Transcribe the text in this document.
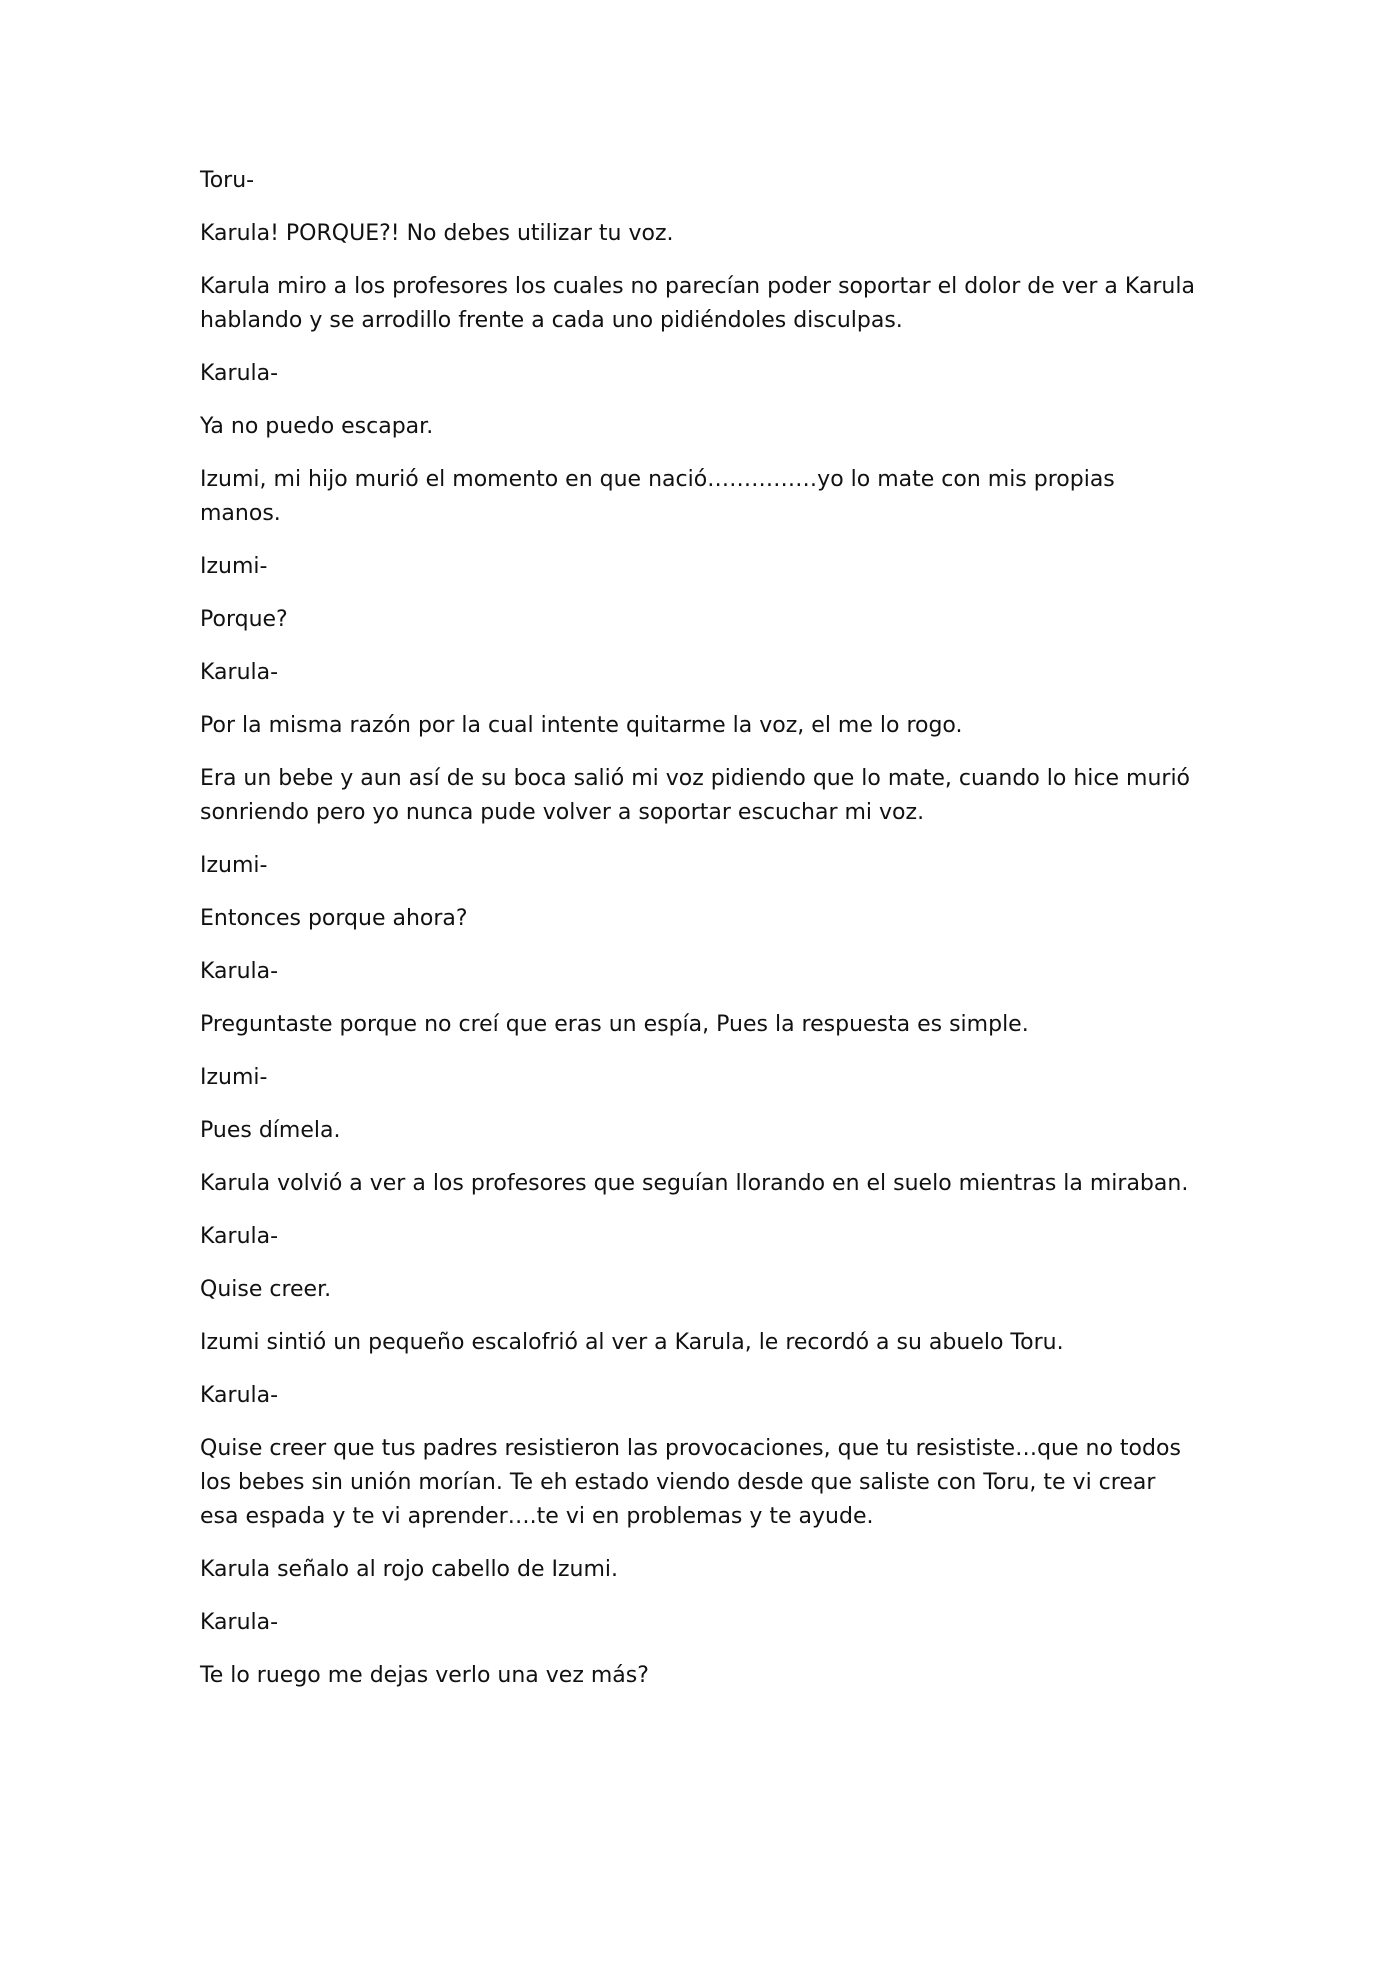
Toru-

Karula! PORQUE?! No debes utilizar tu voz.

Karula miro a los profesores los cuales no parecían poder soportar el dolor de ver a Karula hablando y se arrodillo frente a cada uno pidiéndoles disculpas.

Karula-

Ya no puedo escapar.

Izumi, mi hijo murió el momento en que nació……………yo lo mate con mis propias manos.

Izumi-

Porque?

Karula-

Por la misma razón por la cual intente quitarme la voz, el me lo rogo.

Era un bebe y aun así de su boca salió mi voz pidiendo que lo mate, cuando lo hice murió sonriendo pero yo nunca pude volver a soportar escuchar mi voz.

Izumi-

Entonces porque ahora?

Karula-

Preguntaste porque no creí que eras un espía, Pues la respuesta es simple.

Izumi-

Pues dímela.

Karula volvió a ver a los profesores que seguían llorando en el suelo mientras la miraban.

Karula-

Quise creer.

Izumi sintió un pequeño escalofrió al ver a Karula, le recordó a su abuelo Toru.

Karula-

Quise creer que tus padres resistieron las provocaciones, que tu resististe…que no todos los bebes sin unión morían. Te eh estado viendo desde que saliste con Toru, te vi crear esa espada y te vi aprender….te vi en problemas y te ayude.

Karula señalo al rojo cabello de Izumi.

Karula-

Te lo ruego me dejas verlo una vez más?
